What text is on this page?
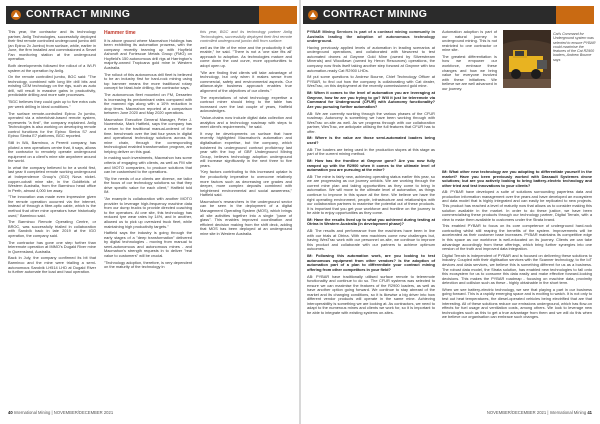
CONTRACT MINING

This year, the contractor and its technology partner, Anlig Technologies, successfully deployed their first remote controlled underground jumbo drill (an Epiroc 2x Jumbo) from surface, while, earlier in June, the firm installed and commissioned a Smart Fan monitoring station at the underground operation.

Both developments followed the rollout of a Wi-Fi system at the operation by Anlig.

On the remote controlled jumbo, BGC said: "The technology, combined with long life drill bits and existing CEM technology on the rigs, such as auto drill, will result in massive gains in productivity, predictable drilling and more safe processes.

"BGC believes they could gain up to five extra cuts per week drilling in ideal conditions."

The surface remote-controlled Epiroc 2x jumbo, operated via a wheelchair-based remote system, represents "a first", the company explained. Anlig Technologies is also working on developing remote control functions for the Epiroc Simba S7 and Epiroc Simba E7 platforms, BGC reported.

Still in WA, Barminco, a Perenti company, has piloted a new operations centre that, it says, allows the contractor to remotely operate underground equipment on a client's mine site anywhere around the world.

In what the company believed to be a world first, last year it completed remote working underground at Independence Group's (IGO) Nova nickel-copper-cobalt mine site, in the Goldfields of Western Australia, from the Barminco head office in Perth, almost 4,000 km away.

"The innovation was made even impressive given the remote operation occurred via the internet, instead of through a fibre-optic cable, which is the method that other mine operators have historically used," Barminco said.

The Barminco Remote Operating Centre, or BROC, was successfully trialled in collaboration with Sandvik back in late 2019 at the IGO operation, the company said.

The contractor has gone one step further than teleremote operation at IMMO's Dugald River mine in Queensland, Australia.

Back in July, the company confirmed its bit that Barminco and the mine were trialling a semi-autonomous Sandvik LH514 LHD at Dugald River to further automate the load and haul operation.

Hammer time

It is above ground where Macmahon Holdings has been exhibiting its automation prowess, with the company recently teaming up with Hoyfield Ashcroft and Fortescue Metals Group (FMG) on Hoyfield's 150 autonomous drill rigs at Harrington's majority-owned Tropicana gold mine in Western Australia.

The rollout of this autonomous drill fleet is believed to be an industry first for hard-rock mining using top hammer means the more traditional rotary concept for blast-hole drilling, the contractor says.

The autonomous fleet mounted on FM, Dessetex is increasing its predominant rates compared with the manned rigs along with a 10% reduction in drop times. Macmahon reported at a comparison between June 2020 and May 2020 operations.

Macmahon Executive General Manager, Peter J. Nuwenhaiz, Mark Hatfield, says the company has a return to the traditional manual-ordered of the time. benchmark over the last four years in digital and operational technology solutions across its mine chain, through the corresponding technological enabled transformation program, are helping deliver on this goal.

In making such investments, Macmahon has some criteria of engaging with clients, as well as FM site and MOTO companies, to produce solutions that can be customised to the operations.

"By the needs of our clients are diverse, we tailor the focus of our technology solutions so that they drive specific value for each client," Hatfield told IM.

"An example is collaboration with another MOTO provider to leverage high-frequency machine data from our dump trucks to provide directed coaching to the operators. At one site, this technology has reduced tyre wear rates by 14%, and in another, allowed us to pick up oversized truck fleet, while maintaining high productivity targets."

Hatfield says the industry is going through the early stages of a "deep transformation" delivered by digital technologies - moving from manual to semi-autonomous and autonomous mines - and Macmahon's strength requests in to deliver "real value to customers" will be crucial.

"Technology adoption, therefore, is very dependent on the maturity of the technology in

this year, BGC and its technology partner Anlig Technologies, successfully deployed their first remote controlled underground jumbo drill from surface.

well as the life of the mine and the productivity it will enable," he said. "There is not a 'one size fits all' approach to adoption. As technologies mature and come down the cost curve, more opportunities to adopt open up.

"We are finding that clients will take advantage of technology, but only when it makes sense from commercial, safety and environmental aspects. Our alliance-style business approach enables true alignment of the objectives of our clients."

The expectations of what technology expertise a contract miner should bring to the table has increased over the last couple of years, Hatfield acknowledges.

"Value-chains now include digital data collection and analytics and a technology roadmap with steps to meet client's requirements," he said.

It may be developments on surface that have recently highlighted Macmahon's automation and digitalisation expertise, but the company, which bolstered its underground contract proficiency last year with the buy of GBF Underground Mining Group, believes technology adoption underground will increase significantly in the next three to five years.

"Key factors contributing to this increased uptake is the productivity imperative to overcome relatively more factors such as decreasing ore grades and deeper, more complex deposits combined with heightened environmental and social awareness," Hatfield said.

Macmahon's researchers in the underground sector can be seen in the deployment of a digital Management Operating System (MOS), which brings all site activities together into a single "pane of glass". This enables improved coordination and efficient decision making from the shift deck, adding that MOS has been deployed at an underground mine site in Western Australia.

40 International Mining | NOVEMBER/DECEMBER 2021
CONTRACT MINING

PYBAR Mining Services is part of a contract mining community in Australia leading the adoption of autonomous technology underground.

Having previously applied levels of automation in leading scenarios at underground operations, and collaborated with Newcrest to test automated drones at Gwynne Gold Mine (owned by Silverstream Minerals) and Woodlawn (owned by Heron Resources) operations, the company now finds itself taking another step forward at Gwynne with two automation-ready Cat R2900 LHDs.

IM put some questions to Andrew Bourne, Chief Technology Officer at PYBAR, to find out how the company is collaborating with Cat dealer, WesTrac, on this deployment at the recently commissioned gold mine.

IM: When it comes to the level of automation you are leveraging at Gwynne, how far are you trying to go? Will it just be teleremote via Command for Underground (CFUR) with Autonomy functionality? Are you pursuing further automation?

AB: We are currently working through the various phases of the CFUR roadmap. Autonomy is something we have been working through with WesTrac on-site as well. As we progress through with our collaboration partner, WesTrac, we anticipate utilising the full features that CFUR has to offer.

IM: Where is the value are those semi-automated loaders being used?

AB: The loaders are being used in the production stopes at this stage as part of the current mining method.

IM: How has the frontline at Gwynne gone? Are you now fully ramped up with the R2900 when it comes to the ultimate level of automation you are pursuing at the mine?

AB: The mine is fairly new, achieving operating status earlier this year, so we are progressing as our journey unfolds. We are working through the current mine plan and taking opportunities as they come to bring in automation. We will move to the ultimate level of automation, as things continue to improve in this space all the time. We believe we have the right operating environment, people, infrastructure and relationships with our collaboration partners to maximise the potential out of these products. It is important that you get your workforce and frontline on the journey to be able to enjoy opportunities as they come.

IM: Have the results lived up to what you achieved during testing at Otrina in Western Australia (in development phase)?

AB: The results and performance from the machines have been in line with our trials at Otrina. With new machines come new challenges but, having WesTrac work with our personnel on-site, we continue to improve this product and collaborate with our partners to achieve optimum outcomes.

IM: Following this automation work, are you looking to test autonomous equipment from other vendors? Is the adoption of automation part of a plan to differentiate your contract mining offering from other competitors in your field?

AB: PYBAR have traditionally utilised surface remote to teleremote functionality and continue to do so. The CFUR systems was selected to ensure we can maximise the features of the R2900 loaders, as well as have another option going forward. We continue to stay abreast of the market and its changing conditions, so it is likewise a big driver into how different vendor products will operate in the same mine. Achieving interoperability is something we are looking at. As contractors, we need to adapt to the numerous mines and clients we work for, so it is important to be able to integrate with existing systems on-sites.

Automation adoption is part of our natural journey in underground mining. This is not restricted to one contractor or mine site.

The greatest differentiation is how we empower our workforce, embrace these changes and how we bring value for everyone involved with these initiatives. We believe we are well advanced in our journey.

Cat's Command for Underground system was selected to ensure PYBAR could maximise the features of the Cat R2900 loaders, Andrew Bourne says

IM: What other new technology are you adopting to differentiate yourself in the market? Have you been previously worked with Dassault Systemes drone solutions; but are you actively looking to bring battery-electric technology and other tried and test innovations to your clients?

AB: PYBAR have developed a suite of solutions surrounding paperless data and production information management over the years and have developed an ecosystem and data model that is highly integrated and can easily be replicated to new projects. This product has reached a level of maturity now that allows us to consider making this solution available in the market. In order to do these justice, we have been commercialising these products through our technology partner, Digital Terrain, with a view to make them available to customers under the Strata brand.

This enabled PYBAR to focus on its core competence of underground hard-rock contracting whilst still reaping the benefits of the system. Improvements will be accelerated as their customer base increases. PYBAR maintains its competitive edge in this space as our workforce is well-educated on its journey. Clients we can take advantage accordingly from these offerings, which bring further synergies into one version of the truth and improved data integration.

Digital Terrain is independent of PYBAR and is focused on delivering these solutions to industry. Coupled with their digitisation services with the Scanner technology, to the IoT devices and data services, we believe this is something different for us as a business. The robust data model, the Strata solution, has enabled new technologies to fall onto this ecosystem for us to consume this data easily and make effective forward-looking decisions. This makes the PYBAR roadmap - focusing on machine data, proximity detection and collision such as these - highly obtainable in the short term.

When we see battery-electric technology, we see that playing a part in our business going forward. This is a rapidly emerging space and is exciting to watch. It is not only to test out heat temperatures, the diesel-operated vehicles being electrified that are that interesting. All of these solutions reduce our emissions underground, which has flow-on effects for fuel usage and ventilation costs, among others. We look to leverage new technologies such as this to get a true advantage from them and we will do this when we believe our organisation can embrace such changes.

NOVEMBER/DECEMBER 2021 | International Mining 41
